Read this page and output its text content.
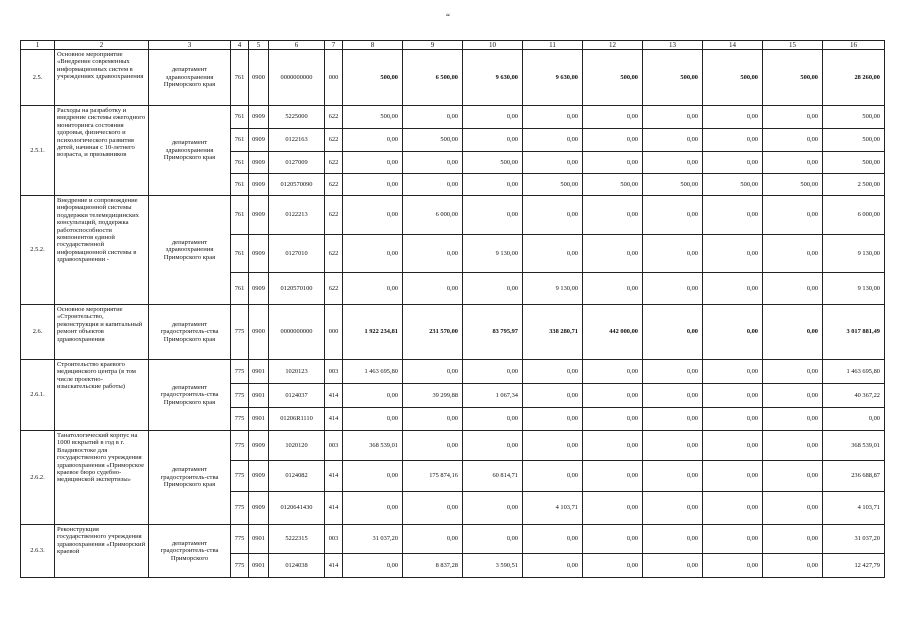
“
1	2	3	4	5	6	7	8	9	10	11	12	13	14	15	16
2.5.	Основное мероприятие «Внедрение современных информационных систем в учреждениях здравоохранения	департамент здравоохранения Приморского края	761	0900	0000000000	000	500,00	6 500,00	9 630,00	9 630,00	500,00	500,00	500,00	500,00	28 260,00
2.5.1.	Расходы на разработку и внедрение системы ежегодного мониторинга состояния здоровья, физического и психологического развития детей, начиная с 10-летнего возраста, и призывников	департамент здравоохранения Приморского края	761	0909	5225000	622	500,00	0,00	0,00	0,00	0,00	0,00	0,00	0,00	500,00
			761	0909	0122163	622	0,00	500,00	0,00	0,00	0,00	0,00	0,00	0,00	500,00
			761	0909	0127009	622	0,00	0,00	500,00	0,00	0,00	0,00	0,00	0,00	500,00
			761	0909	0120570090	622	0,00	0,00	0,00	500,00	500,00	500,00	500,00	500,00	2 500,00
2.5.2.	Внедрение и сопровождение информационной системы поддержки телемедицинских консультаций, поддержка работоспособности компонентов единой государственной информационной системы в здравоохранении -	департамент здравоохранения Приморского края	761	0909	0122213	622	0,00	6 000,00	0,00	0,00	0,00	0,00	0,00	0,00	6 000,00
			761	0909	0127010	622	0,00	0,00	9 130,00	0,00	0,00	0,00	0,00	0,00	9 130,00
			761	0909	0120570100	622	0,00	0,00	0,00	9 130,00	0,00	0,00	0,00	0,00	9 130,00
2.6.	Основное мероприятие «Строительство, реконструкция и капитальный ремонт объектов здравоохранения	департамент градостроитель-ства Приморского края	775	0900	0000000000	000	1 922 234,81	231 570,00	83 795,97	338 280,71	442 000,00	0,00	0,00	0,00	3 017 881,49
2.6.1.	Строительство краевого медицинского центра (в том числе проектно-изыскательские работы)	департамент градостроитель-ства Приморского края	775	0901	1020123	003	1 463 695,80	0,00	0,00	0,00	0,00	0,00	0,00	0,00	1 463 695,80
			775	0901	0124037	414	0,00	39 299,88	1 067,34	0,00	0,00	0,00	0,00	0,00	40 367,22
			775	0901	01206R1110	414	0,00	0,00	0,00	0,00	0,00	0,00	0,00	0,00	0,00
2.6.2.	Танатологический корпус на 1000 вскрытий в год в г. Владивостоке для государственного учреждения здравоохранения «Приморское краевое бюро судебно-медицинской экспертизы»	департамент градостроитель-ства Приморского края	775	0909	1020120	003	368 539,01	0,00	0,00	0,00	0,00	0,00	0,00	0,00	368 539,01
			775	0909	0124082	414	0,00	175 874,16	60 814,71	0,00	0,00	0,00	0,00	0,00	236 688,87
			775	0909	0120641430	414	0,00	0,00	0,00	4 103,71	0,00	0,00	0,00	0,00	4 103,71
2.6.3.	Реконструкция государственного учреждения здравоохранения «Приморский краевой	департамент градостроитель-ства Приморского	775	0901	5222315	003	31 037,20	0,00	0,00	0,00	0,00	0,00	0,00	0,00	31 037,20
			775	0901	0124038	414	0,00	8 837,28	3 590,51	0,00	0,00	0,00	0,00	0,00	12 427,79
